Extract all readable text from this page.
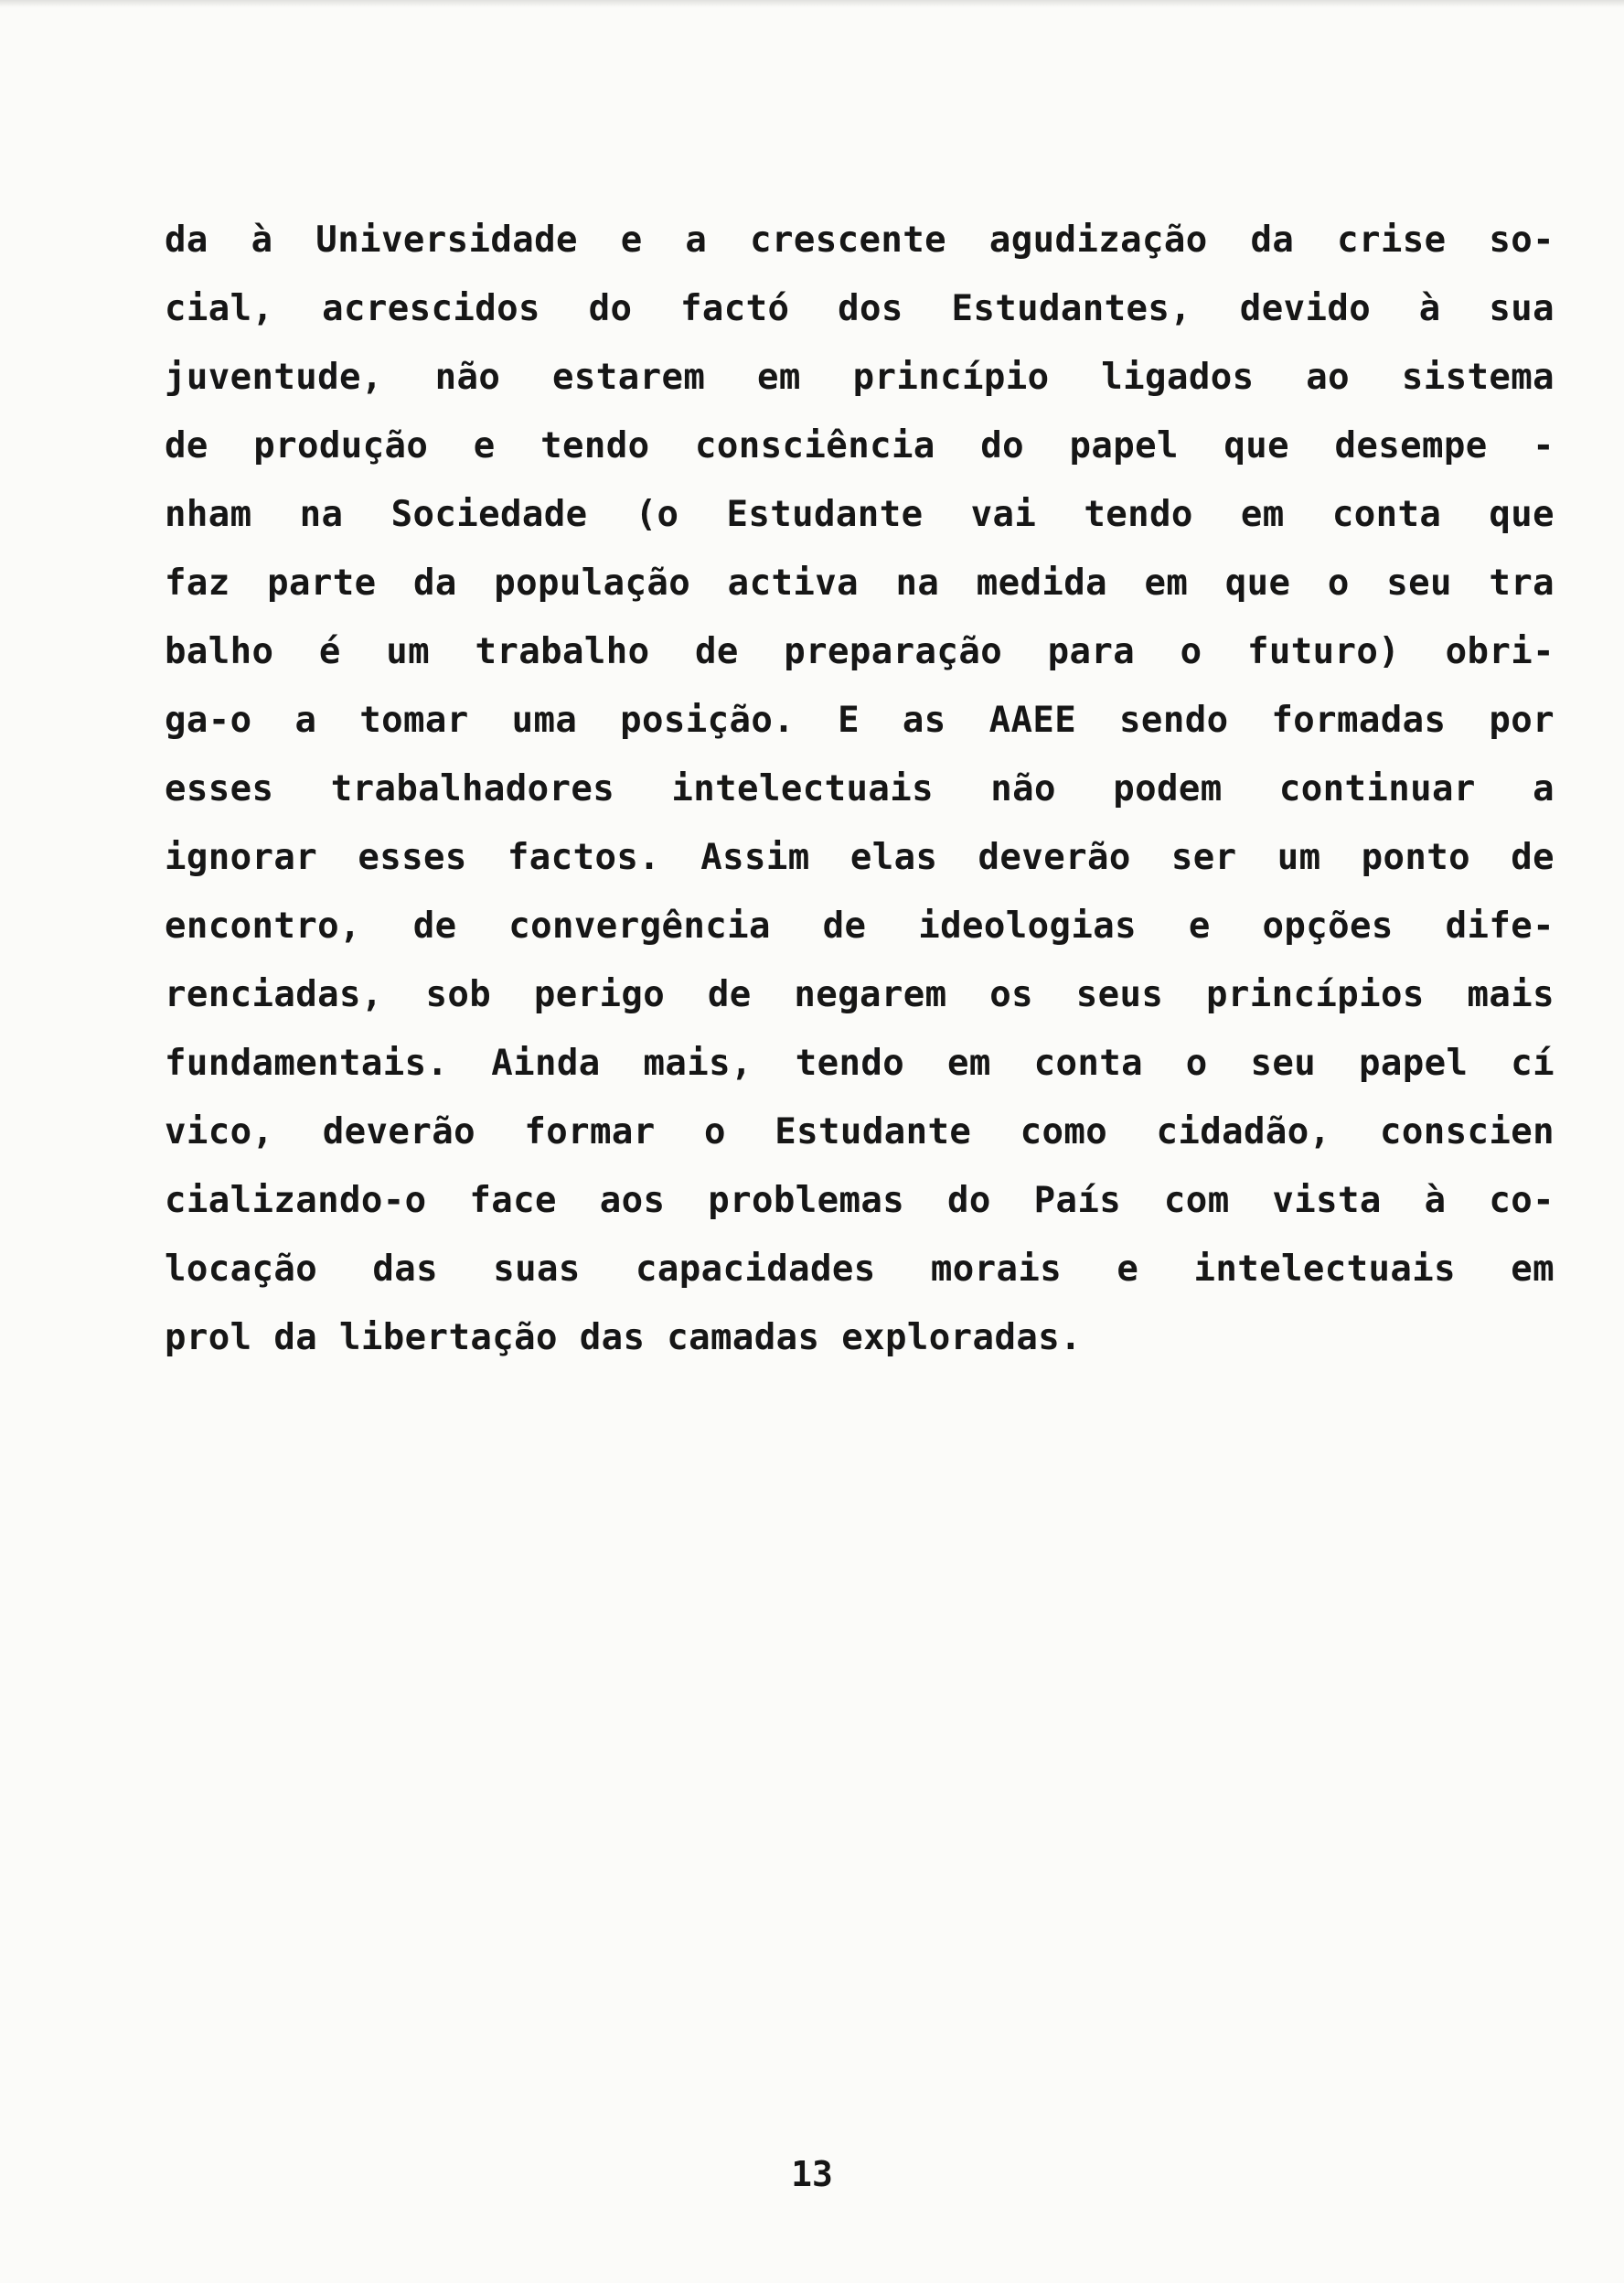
da à Universidade e a crescente agudização da crise so-
cial, acrescidos do factó dos Estudantes, devido à sua
juventude, não estarem em princípio ligados ao sistema
de produção e tendo consciência do papel que desempe -
nham na Sociedade (o Estudante vai tendo em conta que
faz parte da população activa na medida em que o seu tra
balho é um trabalho de preparação para o futuro) obri-
ga-o a tomar uma posição. E as AAEE sendo formadas por
esses trabalhadores intelectuais não podem continuar a
ignorar esses factos. Assim elas deverão ser um ponto de
encontro, de convergência de ideologias e opções dife-
renciadas, sob perigo de negarem os seus princípios mais
fundamentais. Ainda mais, tendo em conta o seu papel cí
vico, deverão formar o Estudante como cidadão, conscien
cializando-o face aos problemas do País com vista à co-
locação das suas capacidades morais e intelectuais em
prol da libertação das camadas exploradas.
13
